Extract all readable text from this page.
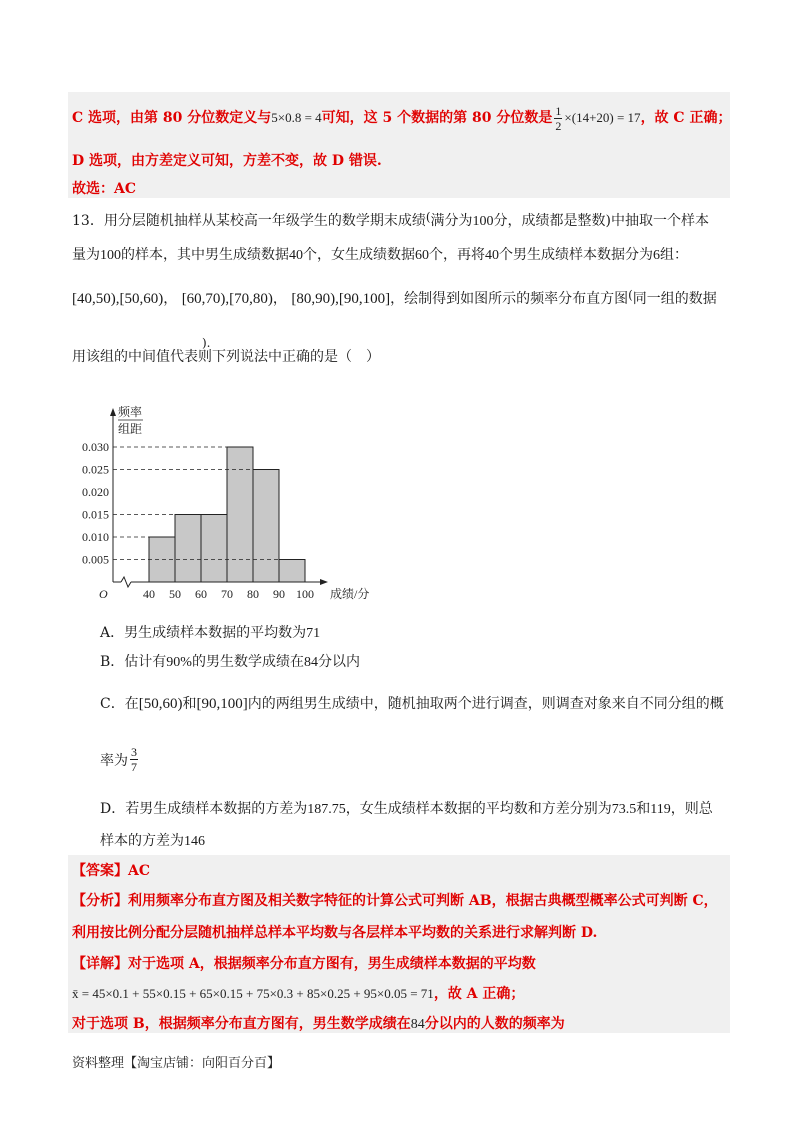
C 选项，由第 80 分位数定义与 5×0.8 = 4 可知，这 5 个数据的第 80 分位数是 $\frac{1}{2} \times(14+20) = 17$ ，故 C 正确；
D 选项，由方差定义可知，方差不变，故 D 错误.
故选：AC
13．用分层随机抽样从某校高一年级学生的数学期末成绩(满分为100分，成绩都是整数)中抽取一个样本
量为100的样本，其中男生成绩数据40个，女生成绩数据60个，再将40个男生成绩样本数据分为6组：
[40,50),[50,60)， [60,70),[70,80)， [80,90),[90,100]，绘制得到如图所示的频率分布直方图(同一组的数据
).
用该组的中间值代表则下列说法中正确的是（　）
0.005
0.010
0.015
0.020
0.025
0.030
40 50 60 70 80 90 100
O	成绩/分
频率
组距
A．男生成绩样本数据的平均数为71
B．估计有90%的男生数学成绩在84分以内
C．在[50,60)和[90,100]内的两组男生成绩中，随机抽取两个进行调查，则调查对象来自不同分组的概
率为 $\frac{3}{7}$
D．若男生成绩样本数据的方差为187.75，女生成绩样本数据的平均数和方差分别为73.5和119，则总
样本的方差为146
【答案】AC
【分析】利用频率分布直方图及相关数字特征的计算公式可判断 AB，根据古典概型概率公式可判断 C，
利用按比例分配分层随机抽样总样本平均数与各层样本平均数的关系进行求解判断 D.
【详解】对于选项 A，根据频率分布直方图有，男生成绩样本数据的平均数
x̄ = 45×0.1 + 55×0.15 + 65×0.15 + 75×0.3 + 85×0.25 + 95×0.05 = 71，故 A 正确；
对于选项 B，根据频率分布直方图有，男生数学成绩在84分以内的人数的频率为
资料整理【淘宝店铺：向阳百分百】
